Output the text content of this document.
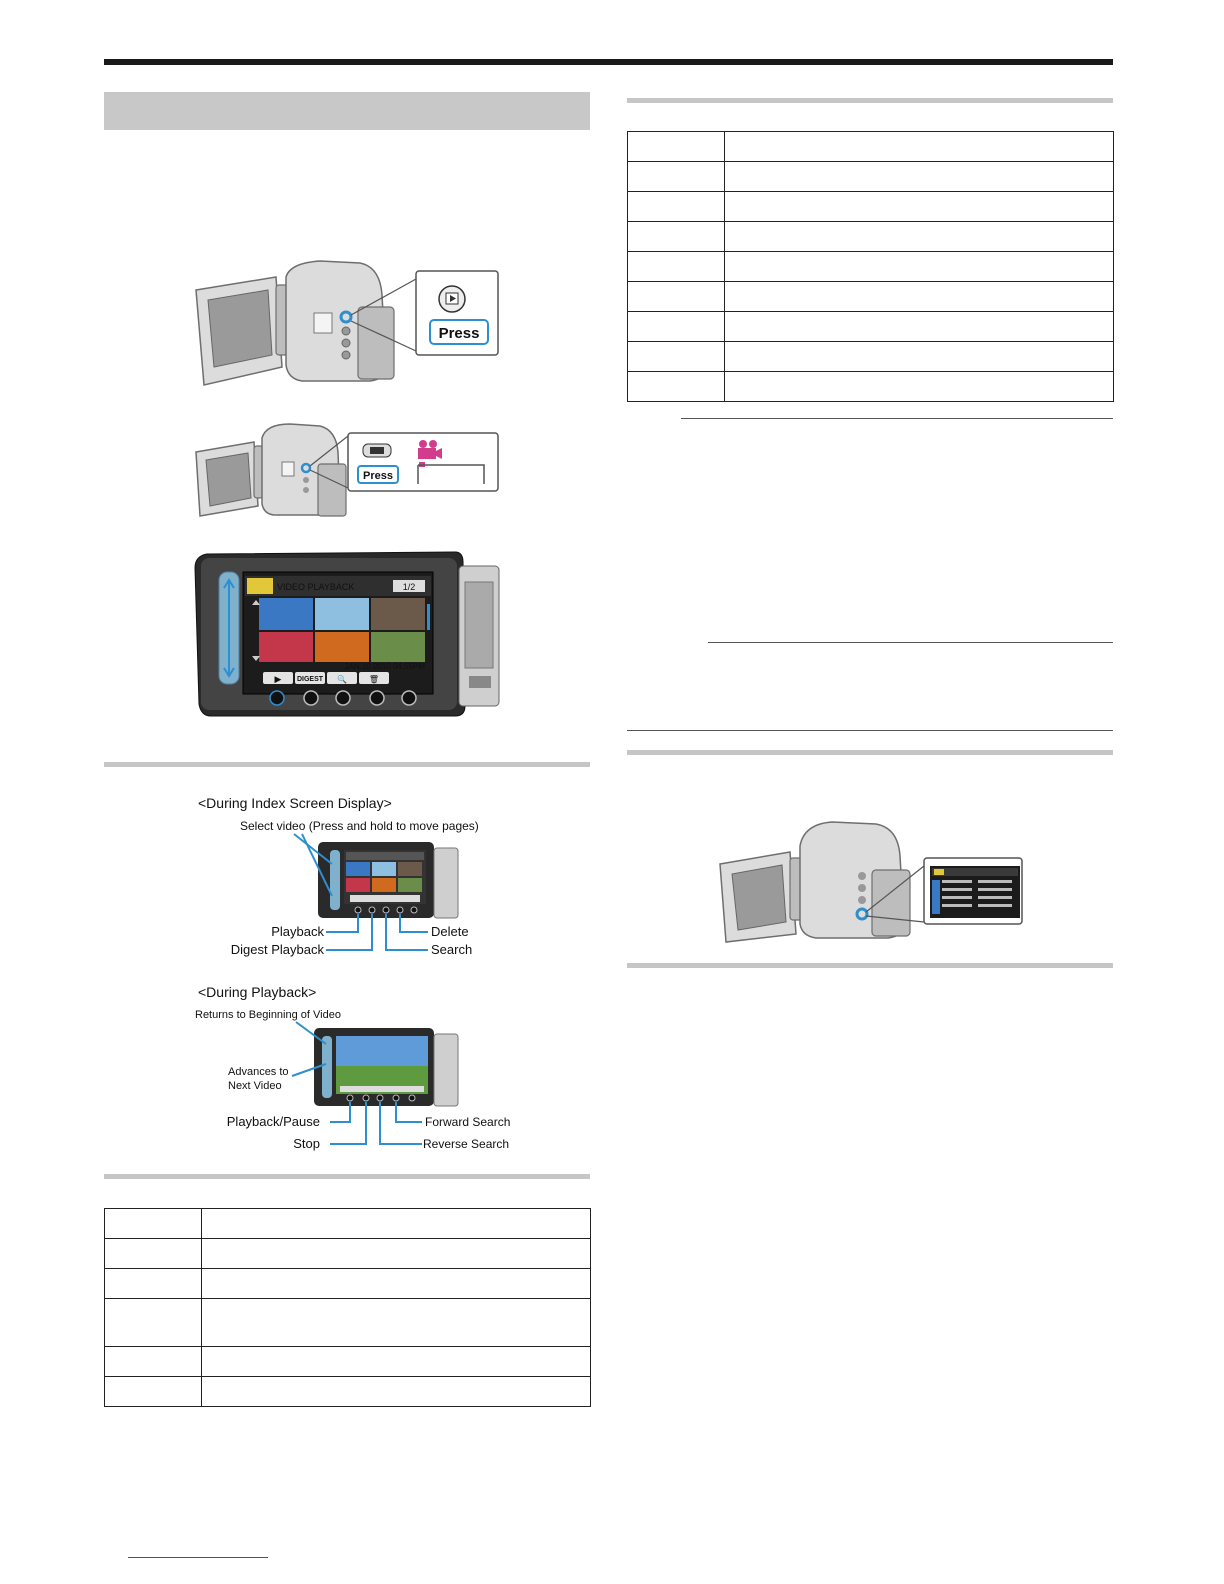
Press
Press
VIDEO PLAYBACK	1/2
JAN.10.2010 04:55PM
▶ DIGEST 🔍	🗑
<During Index Screen Display>
Select video (Press and hold to move pages)
Playback
Digest Playback
Delete
Search
<During Playback>
Returns to Beginning of Video
Advances to
Next Video
Playback/Pause
Stop
Forward Search
Reverse Search
